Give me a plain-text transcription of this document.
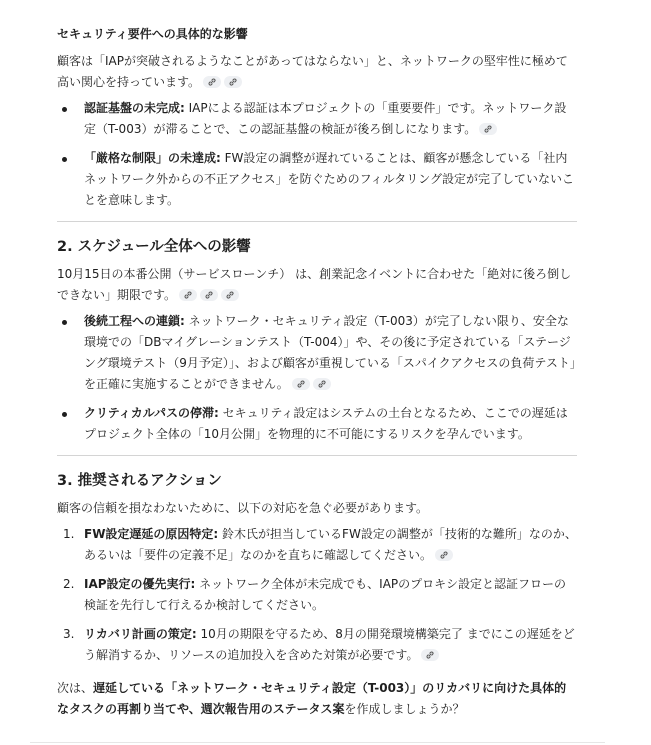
セキュリティ要件への具体的な影響
顧客は「IAPが突破されるようなことがあってはならない」と、ネットワークの堅牢性に極めて高い関心を持っています。
認証基盤の未完成: IAPによる認証は本プロジェクトの「重要要件」です。ネットワーク設定（T-003）が滞ることで、この認証基盤の検証が後ろ倒しになります。
「厳格な制限」の未達成: FW設定の調整が遅れていることは、顧客が懸念している「社内ネットワーク外からの不正アクセス」を防ぐためのフィルタリング設定が完了していないことを意味します。
2. スケジュール全体への影響
10月15日の本番公開（サービスローンチ） は、創業記念イベントに合わせた「絶対に後ろ倒しできない」期限です。
後続工程への連鎖: ネットワーク・セキュリティ設定（T-003）が完了しない限り、安全な環境での「DBマイグレーションテスト（T-004）」や、その後に予定されている「ステージング環境テスト（9月予定）」、および顧客が重視している「スパイクアクセスの負荷テスト」を正確に実施することができません。
クリティカルパスの停滞: セキュリティ設定はシステムの土台となるため、ここでの遅延はプロジェクト全体の「10月公開」を物理的に不可能にするリスクを孕んでいます。
3. 推奨されるアクション
顧客の信頼を損なわないために、以下の対応を急ぐ必要があります。
1. FW設定遅延の原因特定: 鈴木氏が担当しているFW設定の調整が「技術的な難所」なのか、あるいは「要件の定義不足」なのかを直ちに確認してください。
2. IAP設定の優先実行: ネットワーク全体が未完成でも、IAPのプロキシ設定と認証フローの検証を先行して行えるか検討してください。
3. リカバリ計画の策定: 10月の期限を守るため、8月の開発環境構築完了 までにこの遅延をどう解消するか、リソースの追加投入を含めた対策が必要です。
次は、遅延している「ネットワーク・セキュリティ設定（T-003）」のリカバリに向けた具体的なタスクの再割り当てや、週次報告用のステータス案を作成しましょうか？
